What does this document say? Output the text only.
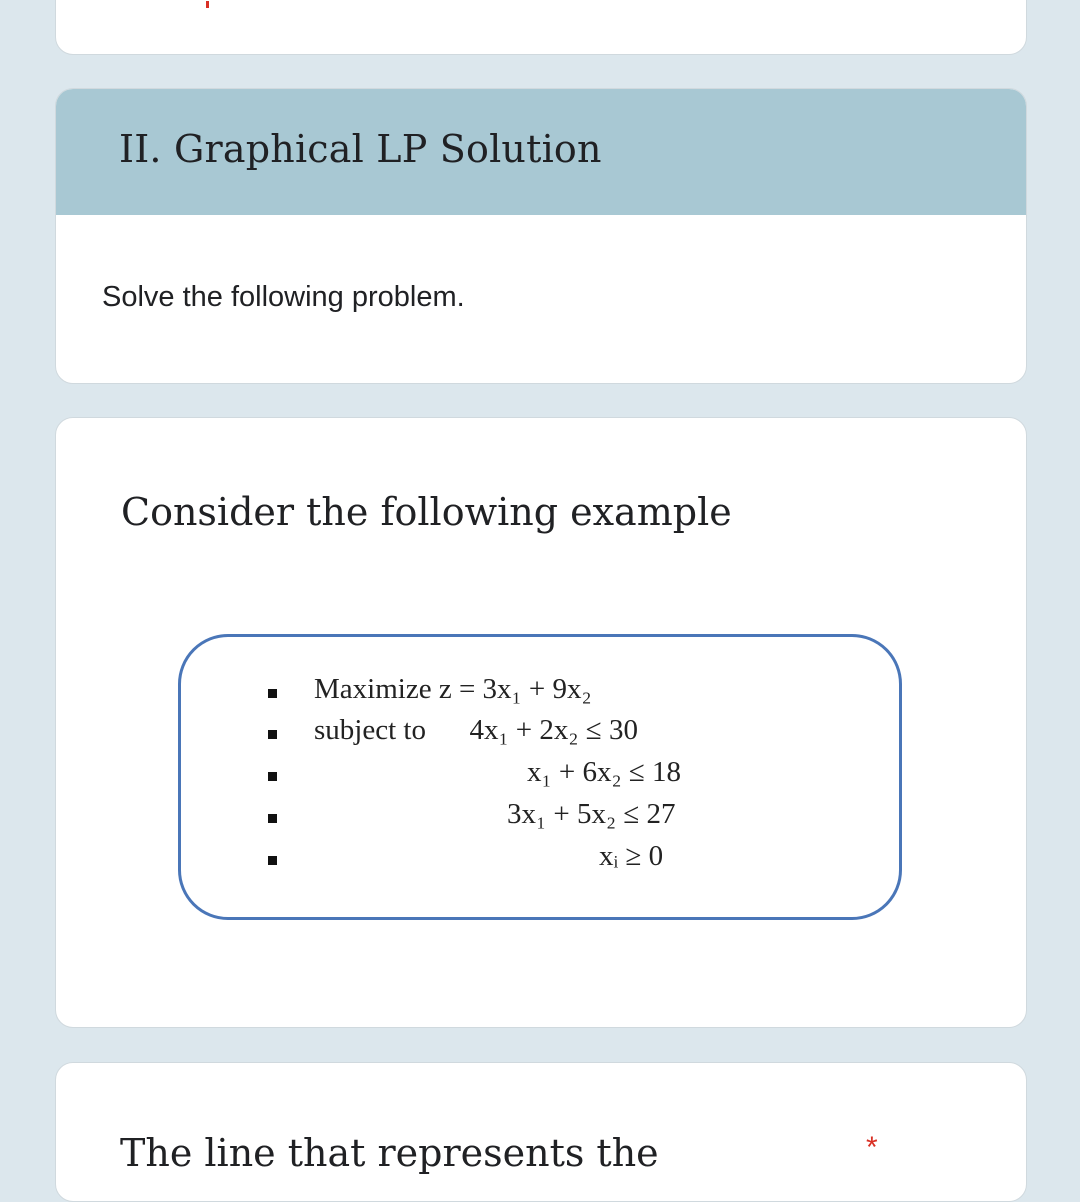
II. Graphical LP Solution
Solve the following problem.
Consider the following example
Maximize z = 3x₁ + 9x₂
subject to      4x₁ + 2x₂ ≤ 30
x₁ + 6x₂ ≤ 18
3x₁ + 5x₂ ≤ 27
xᵢ ≥ 0
The line that represents the	*
